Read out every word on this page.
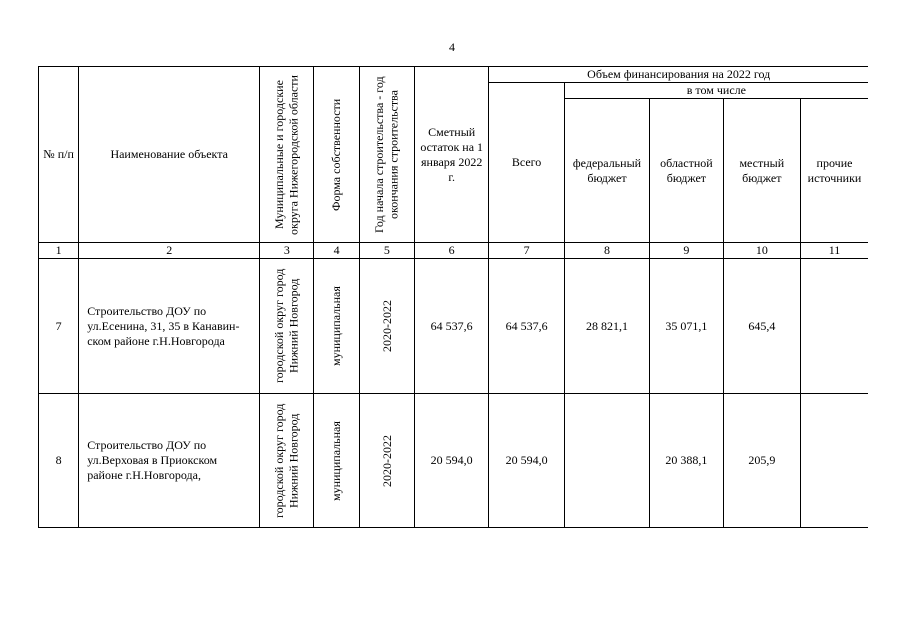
4
№ п/п	Наименование объекта	Муниципальные и городские округа Нижегородской области	Форма собственности	Год начала строительства - год окончания строительства	Сметный остаток на 1 января 2022 г.	Объем финансирования на 2022 год				
						Всего	в том числе			
							федеральный бюджет	областной бюджет	местный бюджет	прочие источники
1	2	3	4	5	6	7	8	9	10	11
7	Строительство ДОУ по ул.Есенина, 31, 35 в Канавин-ском районе г.Н.Новгорода	городской округ город Нижний Новгород	муниципальная	2020-2022	64 537,6	64 537,6	28 821,1	35 071,1	645,4	
8	Строительство ДОУ по ул.Верховая в Приокском районе г.Н.Новгорода,	городской округ город Нижний Новгород	муниципальная	2020-2022	20 594,0	20 594,0		20 388,1	205,9	
